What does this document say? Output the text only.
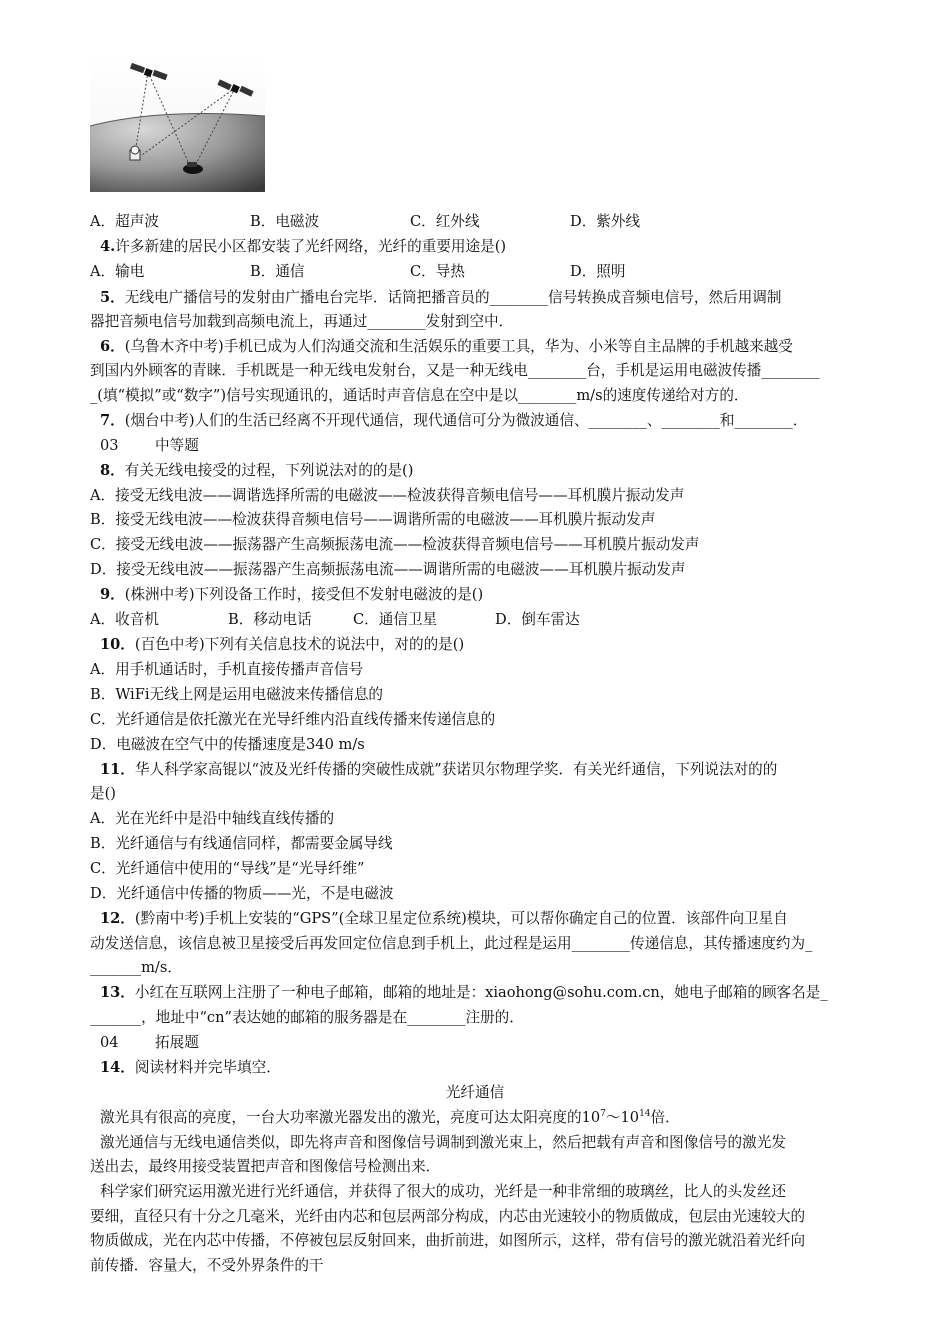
A．超声波	B．电磁波	C．红外线	D．紫外线
4.许多新建的居民小区都安装了光纤网络，光纤的重要用途是()
A．输电	B．通信	C．导热	D．照明
5．无线电广播信号的发射由广播电台完毕．话筒把播音员的________信号转换成音频电信号，然后用调制
器把音频电信号加载到高频电流上，再通过________发射到空中．
6．(乌鲁木齐中考)手机已成为人们沟通交流和生活娱乐的重要工具，华为、小米等自主品牌的手机越来越受
到国内外顾客的青睐．手机既是一种无线电发射台，又是一种无线电________台，手机是运用电磁波传播________
_(填“模拟”或“数字”)信号实现通讯的，通话时声音信息在空中是以________m/s的速度传递给对方的．
7．(烟台中考)人们的生活已经离不开现代通信，现代通信可分为微波通信、________、________和________．
03 中等题
8．有关无线电接受的过程，下列说法对的的是()
A．接受无线电波——调谐选择所需的电磁波——检波获得音频电信号——耳机膜片振动发声
B．接受无线电波——检波获得音频电信号——调谐所需的电磁波——耳机膜片振动发声
C．接受无线电波——振荡器产生高频振荡电流——检波获得音频电信号——耳机膜片振动发声
D．接受无线电波——振荡器产生高频振荡电流——调谐所需的电磁波——耳机膜片振动发声
9．(株洲中考)下列设备工作时，接受但不发射电磁波的是()
A．收音机	B．移动电话	C．通信卫星	D．倒车雷达
10．(百色中考)下列有关信息技术的说法中，对的的是()
A．用手机通话时，手机直接传播声音信号
B．WiFi无线上网是运用电磁波来传播信息的
C．光纤通信是依托激光在光导纤维内沿直线传播来传递信息的
D．电磁波在空气中的传播速度是340 m/s
11．华人科学家高锟以“波及光纤传播的突破性成就”获诺贝尔物理学奖．有关光纤通信，下列说法对的的
是()
A．光在光纤中是沿中轴线直线传播的
B．光纤通信与有线通信同样，都需要金属导线
C．光纤通信中使用的“导线”是“光导纤维”
D．光纤通信中传播的物质——光，不是电磁波
12．(黔南中考)手机上安装的“GPS”(全球卫星定位系统)模块，可以帮你确定自己的位置．该部件向卫星自
动发送信息，该信息被卫星接受后再发回定位信息到手机上，此过程是运用________传递信息，其传播速度约为_
_______m/s．
13．小红在互联网上注册了一种电子邮箱，邮箱的地址是：xiaohong@sohu.com.cn，她电子邮箱的顾客名是_
_______，地址中“cn”表达她的邮箱的服务器是在________注册的．
04 拓展题
14．阅读材料并完毕填空．
光纤通信
激光具有很高的亮度，一台大功率激光器发出的激光，亮度可达太阳亮度的$10^7\sim 10^{14}$倍．
激光通信与无线电通信类似，即先将声音和图像信号调制到激光束上，然后把载有声音和图像信号的激光发
送出去，最终用接受装置把声音和图像信号检测出来．
科学家们研究运用激光进行光纤通信，并获得了很大的成功，光纤是一种非常细的玻璃丝，比人的头发丝还
要细，直径只有十分之几毫米，光纤由内芯和包层两部分构成，内芯由光速较小的物质做成，包层由光速较大的
物质做成，光在内芯中传播，不停被包层反射回来，曲折前进，如图所示，这样，带有信号的激光就沿着光纤向
前传播．容量大，不受外界条件的干
